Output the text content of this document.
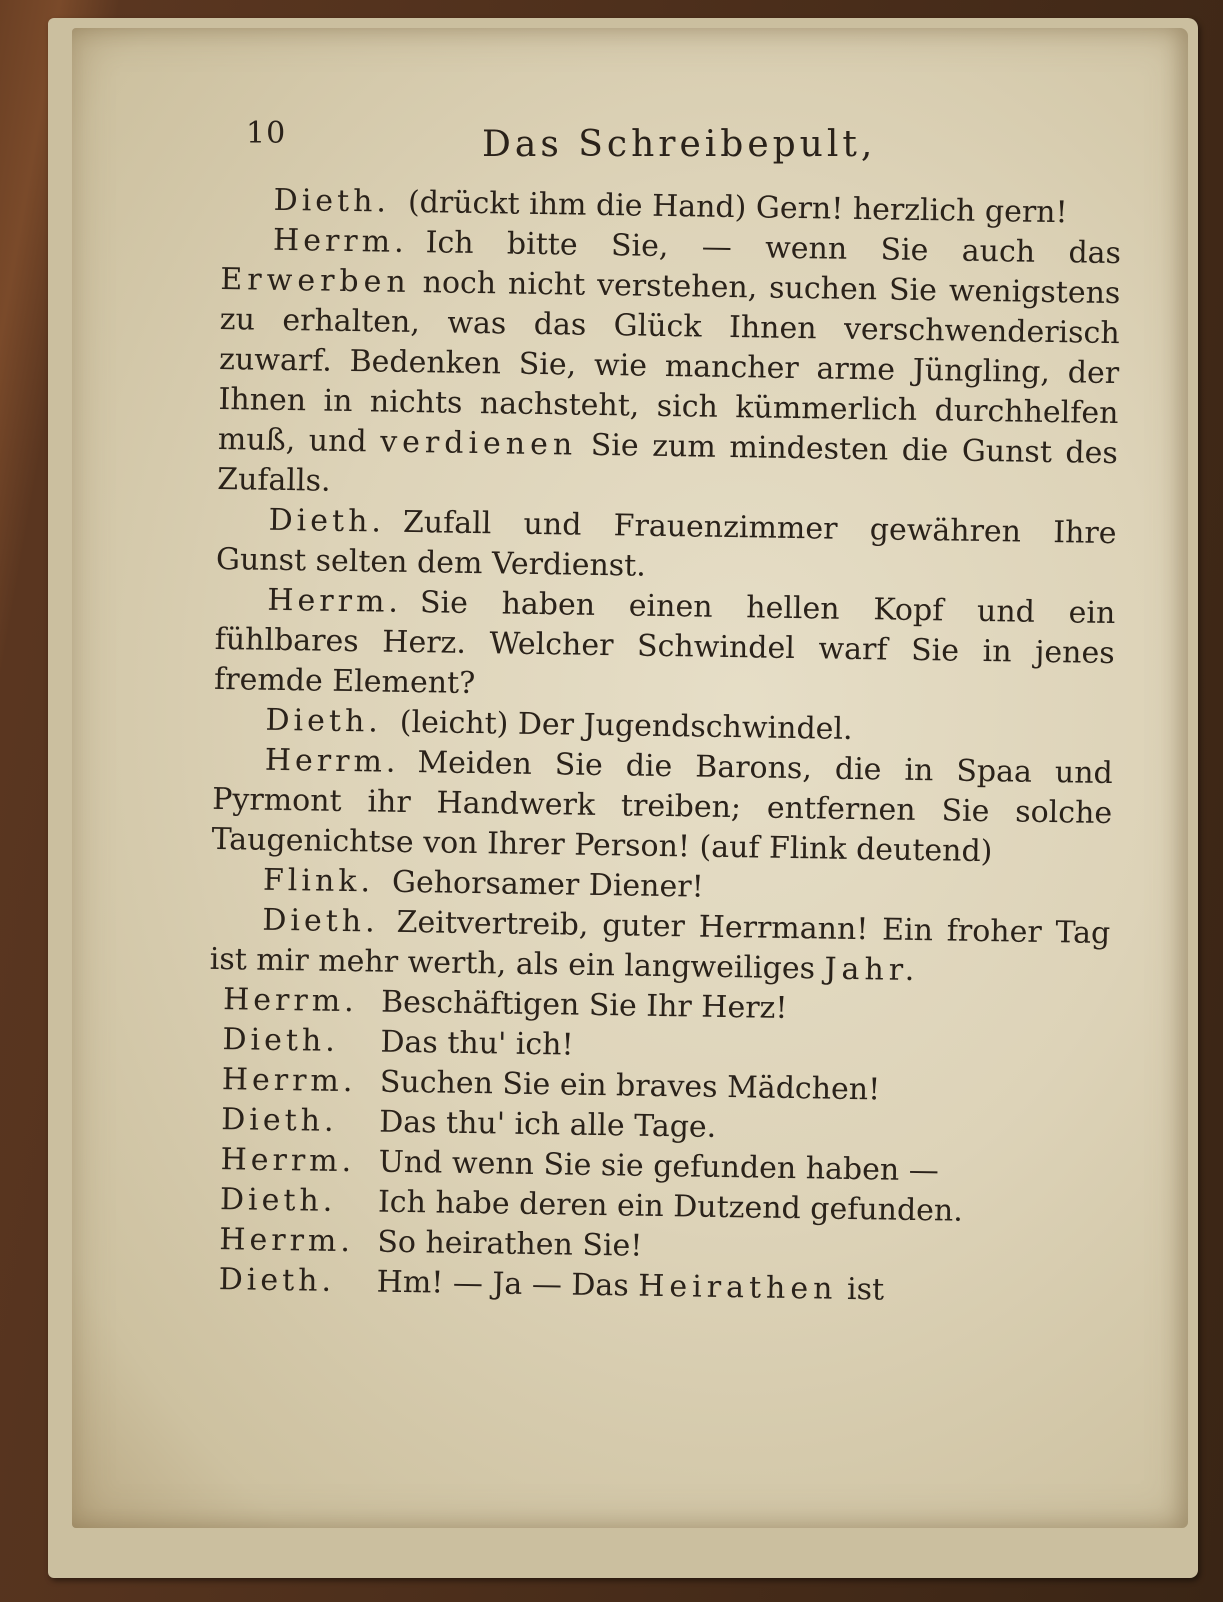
10	Das Schreibepult,

Dieth. (drückt ihm die Hand) Gern! herzlich gern!

Herrm. Ich bitte Sie, — wenn Sie auch das Erwerben noch nicht verstehen, suchen Sie wenigstens zu erhalten, was das Glück Ihnen verschwenderisch zuwarf. Bedenken Sie, wie mancher arme Jüngling, der Ihnen in nichts nachsteht, sich kümmerlich durchhelfen muß, und verdienen Sie zum mindesten die Gunst des Zufalls.

Dieth. Zufall und Frauenzimmer gewähren Ihre Gunst selten dem Verdienst.

Herrm. Sie haben einen hellen Kopf und ein fühlbares Herz. Welcher Schwindel warf Sie in jenes fremde Element?

Dieth. (leicht) Der Jugendschwindel.

Herrm. Meiden Sie die Barons, die in Spaa und Pyrmont ihr Handwerk treiben; entfernen Sie solche Taugenichtse von Ihrer Person! (auf Flink deutend)

Flink. Gehorsamer Diener!

Dieth. Zeitvertreib, guter Herrmann! Ein froher Tag ist mir mehr werth, als ein langweiliges Jahr.

Herrm. Beschäftigen Sie Ihr Herz!

Dieth. Das thu' ich!

Herrm. Suchen Sie ein braves Mädchen!

Dieth. Das thu' ich alle Tage.

Herrm. Und wenn Sie sie gefunden haben —

Dieth. Ich habe deren ein Dutzend gefunden.

Herrm. So heirathen Sie!

Dieth. Hm! — Ja — Das Heirathen ist
